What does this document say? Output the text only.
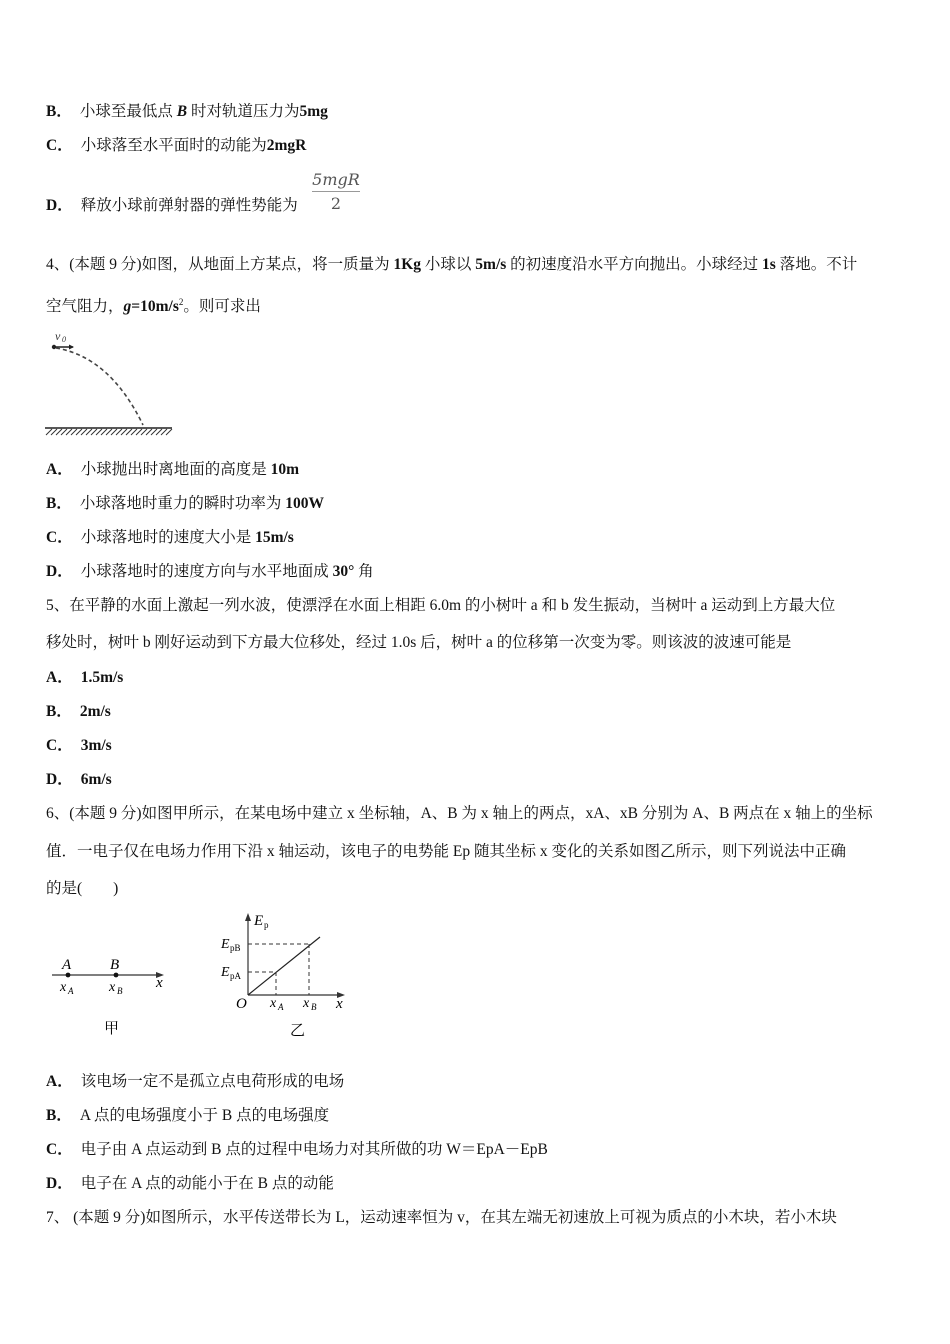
B． 小球至最低点 B 时对轨道压力为5mg
C． 小球落至水平面时的动能为2mgR
D． 释放小球前弹射器的弹性势能为
5mgR
2
4、(本题 9 分)如图，从地面上方某点，将一质量为 1Kg 小球以 5m/s 的初速度沿水平方向抛出。小球经过 1s 落地。不计
空气阻力，$g=10m/s^2$。则可求出
v 0
A． 小球抛出时离地面的高度是 10m
B． 小球落地时重力的瞬时功率为 100W
C． 小球落地时的速度大小是 15m/s
D． 小球落地时的速度方向与水平地面成 30° 角
5、在平静的水面上激起一列水波，使漂浮在水面上相距 6.0m 的小树叶 a 和 b 发生振动，当树叶 a 运动到上方最大位
移处时，树叶 b 刚好运动到下方最大位移处，经过 1.0s 后，树叶 a 的位移第一次变为零。则该波的波速可能是
A． 1.5m/s
B． 2m/s
C． 3m/s
D． 6m/s
6、(本题 9 分)如图甲所示，在某电场中建立 x 坐标轴，A、B 为 x 轴上的两点，xA、xB 分别为 A、B 两点在 x 轴上的坐标
值．一电子仅在电场力作用下沿 x 轴运动，该电子的电势能 Ep 随其坐标 x 变化的关系如图乙所示，则下列说法中正确
的是(　　)
A	B
x A	x B x
甲
E p
E pB
E pA
O x A x B x
乙
A． 该电场一定不是孤立点电荷形成的电场
B． A 点的电场强度小于 B 点的电场强度
C． 电子由 A 点运动到 B 点的过程中电场力对其所做的功 W＝EpA－EpB
D． 电子在 A 点的动能小于在 B 点的动能
7、 (本题 9 分)如图所示，水平传送带长为 L，运动速率恒为 v，在其左端无初速放上可视为质点的小木块，若小木块
